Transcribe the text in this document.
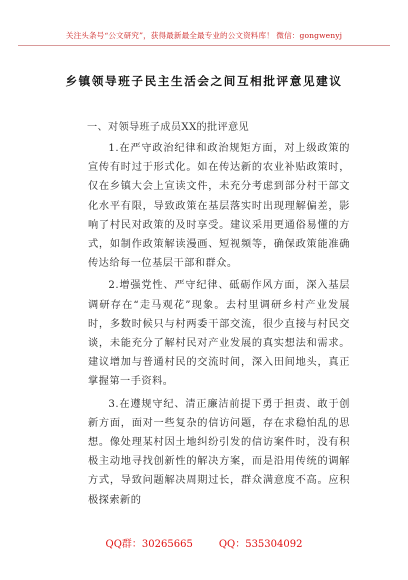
关注头条号“公文研究”，获得最新最全最专业的公文资料库！ 微信：gongwenyj
乡镇领导班子民主生活会之间互相批评意见建议
一、对领导班子成员XX的批评意见

1.在严守政治纪律和政治规矩方面，对上级政策的宣传有时过于形式化。如在传达新的农业补贴政策时，仅在乡镇大会上宣读文件，未充分考虑到部分村干部文化水平有限，导致政策在基层落实时出现理解偏差，影响了村民对政策的及时享受。建议采用更通俗易懂的方式，如制作政策解读漫画、短视频等，确保政策能准确传达给每一位基层干部和群众。

2.增强党性、严守纪律、砥砺作风方面，深入基层调研存在“走马观花”现象。去村里调研乡村产业发展时，多数时候只与村两委干部交流，很少直接与村民交谈，未能充分了解村民对产业发展的真实想法和需求。建议增加与普通村民的交流时间，深入田间地头，真正掌握第一手资料。

3.在遵规守纪、清正廉洁前提下勇于担责、敢于创新方面，面对一些复杂的信访问题，存在求稳怕乱的思想。像处理某村因土地纠纷引发的信访案件时，没有积极主动地寻找创新性的解决方案，而是沿用传统的调解方式，导致问题解决周期过长，群众满意度不高。应积极探索新的

QQ群：30265665	QQ：535304092
